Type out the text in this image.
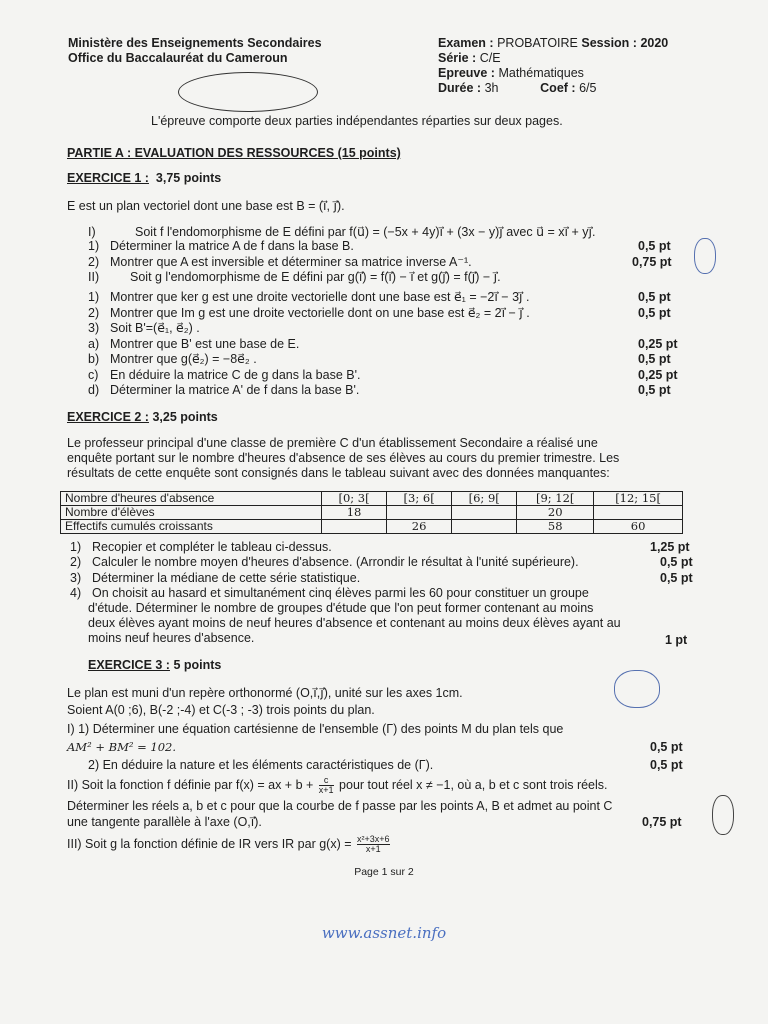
Ministère des Enseignements Secondaires
Office du Baccalauréat du Cameroun
Examen : PROBATOIRE Session : 2020
Série : C/E
Epreuve : Mathématiques
Durée : 3h	Coef : 6/5
L'épreuve comporte deux parties indépendantes réparties sur deux pages.
PARTIE A : EVALUATION DES RESSOURCES (15 points)
EXERCICE 1 : 3,75 points
E est un plan vectoriel dont une base est B = (i⃗, j⃗).
I)	Soit f l'endomorphisme de E défini par f(u⃗) = (−5x + 4y)i⃗ + (3x − y)j⃗ avec u⃗ = xi⃗ + yj⃗.
1) Déterminer la matrice A de f dans la base B.	0,5 pt
2) Montrer que A est inversible et déterminer sa matrice inverse A⁻¹.	0,75 pt
II) Soit g l'endomorphisme de E défini par g(i⃗) = f(i⃗) − i⃗ et g(j⃗) = f(j⃗) − j⃗.
1) Montrer que ker g est une droite vectorielle dont une base est e⃗₁ = −2i⃗ − 3j⃗ .	0,5 pt
2) Montrer que Im g est une droite vectorielle dont on une base est e⃗₂ = 2i⃗ − j⃗ .	0,5 pt
3) Soit B'=(e⃗₁, e⃗₂) .
a) Montrer que B' est une base de E.	0,25 pt
b) Montrer que g(e⃗₂) = −8e⃗₂ .	0,5 pt
c) En déduire la matrice C de g dans la base B'.	0,25 pt
d) Déterminer la matrice A' de f dans la base B'.	0,5 pt
EXERCICE 2 : 3,25 points
Le professeur principal d'une classe de première C d'un établissement Secondaire a réalisé une
enquête portant sur le nombre d'heures d'absence de ses élèves au cours du premier trimestre. Les
résultats de cette enquête sont consignés dans le tableau suivant avec des données manquantes:
Nombre d'heures d'absence	[0; 3[	[3; 6[	[6; 9[	[9; 12[	[12; 15[
Nombre d'élèves	18			20	
Effectifs cumulés croissants		26		58	60
1) Recopier et compléter le tableau ci-dessus.	1,25 pt
2) Calculer le nombre moyen d'heures d'absence. (Arrondir le résultat à l'unité supérieure).	0,5 pt
3) Déterminer la médiane de cette série statistique.	0,5 pt
4) On choisit au hasard et simultanément cinq élèves parmi les 60 pour constituer un groupe
d'étude. Déterminer le nombre de groupes d'étude que l'on peut former contenant au moins
deux élèves ayant moins de neuf heures d'absence et contenant au moins deux élèves ayant au
moins neuf heures d'absence.	1 pt
EXERCICE 3 : 5 points
Le plan est muni d'un repère orthonormé (O,i⃗,j⃗), unité sur les axes 1cm.
Soient A(0 ;6), B(-2 ;-4) et C(-3 ; -3) trois points du plan.
I) 1) Déterminer une équation cartésienne de l'ensemble (Γ) des points M du plan tels que
AM² + BM² = 102.	0,5 pt
2) En déduire la nature et les éléments caractéristiques de (Γ).	0,5 pt
II) Soit la fonction f définie par f(x) = ax + $b + \frac{c}{x+1}$ pour tout réel x ≠ −1, où a, b et c sont trois réels.
Déterminer les réels a, b et c pour que la courbe de f passe par les points A, B et admet au point C
une tangente parallèle à l'axe (O,i⃗).	0,75 pt
III) Soit g la fonction définie de IR vers IR par $g(x) = \frac{\text{x²+3x+6}}{x+1}$
Page 1 sur 2
www.assnet.info
